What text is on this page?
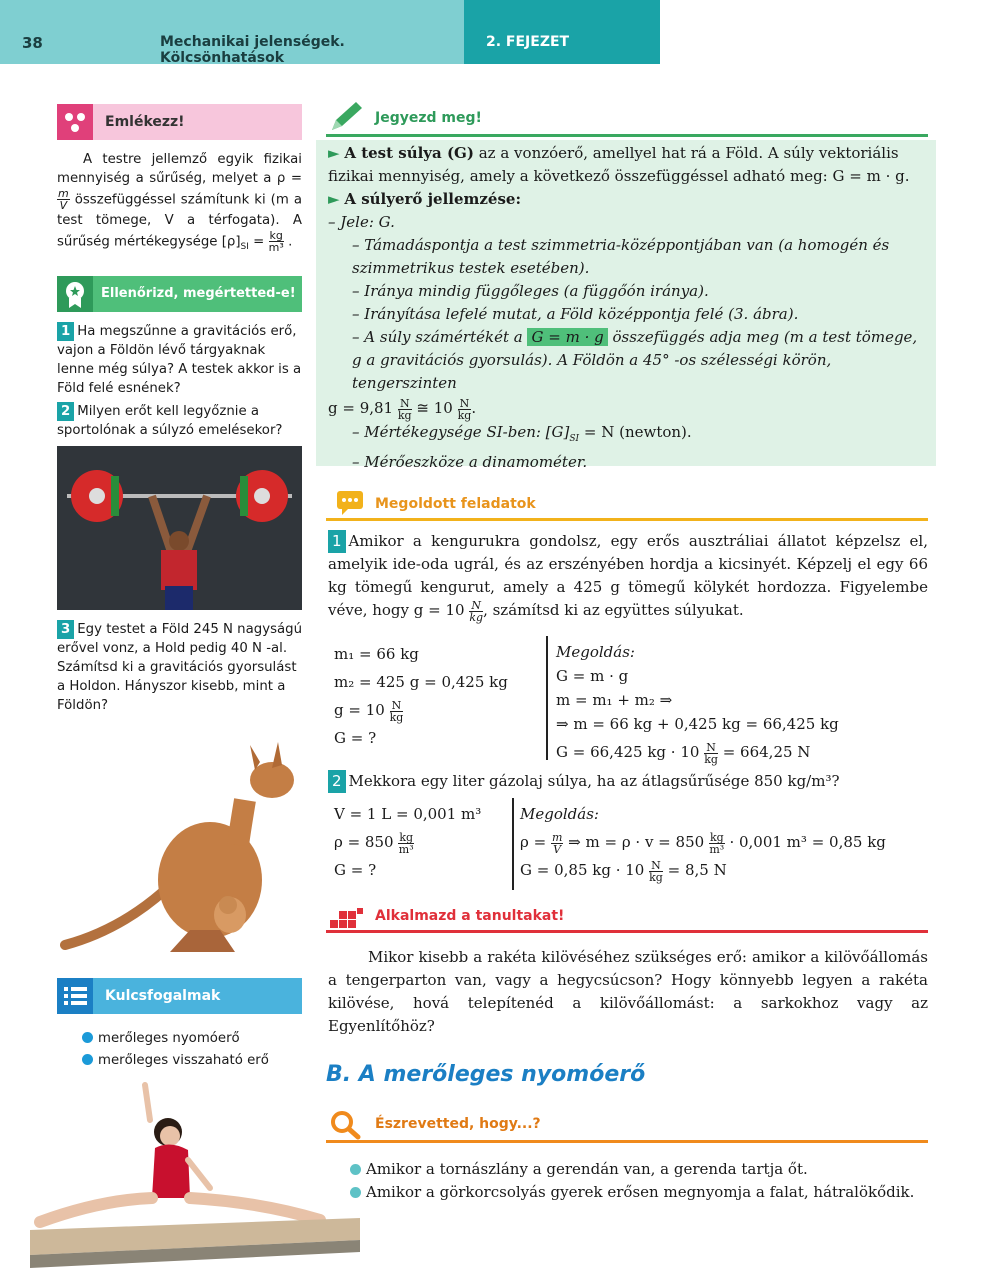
38	Mechanikai jelenségek. Kölcsönhatások
2. FEJEZET
Emlékezz!
A testre jellemző egyik fizikai mennyiség a sűrűség, melyet a ρ =
$\frac{m}{V}$ összefüggéssel számítunk ki (m a test tömege, V a térfogata). A sűrűség mértékegysége $[\rho]_{SI} = \frac{kg}{\text{m³}}$ .
Ellenőrizd, megértetted-e!
1 Ha megszűnne a gravitációs erő, vajon a Földön lévő tárgyaknak lenne még súlya? A testek akkor is a Föld felé esnének?
2 Milyen erőt kell legyőznie a sportolónak a súlyzó emelésekor?
3 Egy testet a Föld 245 N nagyságú erővel vonz, a Hold pedig 40 N -al. Számítsd ki a gravitációs gyorsulást a Holdon. Hányszor kisebb, mint a Földön?
Kulcsfogalmak
merőleges nyomóerő
merőleges visszaható erő
Jegyezd meg!
► A test súlya (G) az a vonzóerő, amellyel hat rá a Föld. A súly vektoriális fizikai mennyiség, amely a következő összefüggéssel adható meg: G = m · g.
► A súlyerő jellemzése:
– Jele: G.
– Támadáspontja a test szimmetria-középpontjában van (a homogén és szimmetrikus testek esetében).
– Iránya mindig függőleges (a függőón iránya).
– Irányítása lefelé mutat, a Föld középpontja felé (3. ábra).
– A súly számértékét a G = m · g összefüggés adja meg (m a test tömege, g a gravitációs gyorsulás). A Földön a 45° -os szélességi körön, tengerszinten
$g = 9,81 \frac{N}{kg}$ ≅ $10 \frac{N}{kg}$ .
– Mértékegysége SI-ben: $[G]_{SI} = N$ (newton).
– Mérőeszköze a dinamométer.
Megoldott feladatok
1 Amikor a kengurukra gondolsz, egy erős ausztráliai állatot képzelsz el, amelyik ide-oda ugrál, és az erszényében hordja a kicsinyét. Képzelj el egy 66 kg tömegű kengurut, amely a 425 g tömegű kölykét hordozza. Figyelembe véve, hogy $g = 10 \frac{N}{kg}$ , számítsd ki az együttes súlyukat.
m₁ = 66 kg
m₂ = 425 g = 0,425 kg
$g = 10 \frac{N}{kg}$
G = ?
Megoldás:
G = m · g
m = m₁ + m₂ ⇒
⇒ m = 66 kg + 0,425 kg = 66,425 kg
G = 66,425 kg · $10 \frac{N}{kg} = 664,25$ N
2 Mekkora egy liter gázolaj súlya, ha az átlagsűrűsége 850 kg/m³?
V = 1 L = 0,001 m³
$\rho = 850 \frac{kg}{\text{m³}}$
G = ?
Megoldás:
$\rho = \frac{m}{V}$ ⇒ $m = \rho \cdot v = 850 \frac{kg}{\text{m³}} \cdot 0,001$ m³ = 0,85 kg
G = 0,85 kg · $10 \frac{N}{kg} = 8,5$ N
Alkalmazd a tanultakat!
Mikor kisebb a rakéta kilövéséhez szükséges erő: amikor a kilövőállomás a tengerparton van, vagy a hegycsúcson? Hogy könnyebb legyen a rakéta kilövése, hová telepítenéd a kilövőállomást: a sarkokhoz vagy az Egyenlítőhöz?
B. A merőleges nyomóerő
Észrevetted, hogy...?
Amikor a tornászlány a gerendán van, a gerenda tartja őt.
Amikor a görkorcsolyás gyerek erősen megnyomja a falat, hátralökődik.
